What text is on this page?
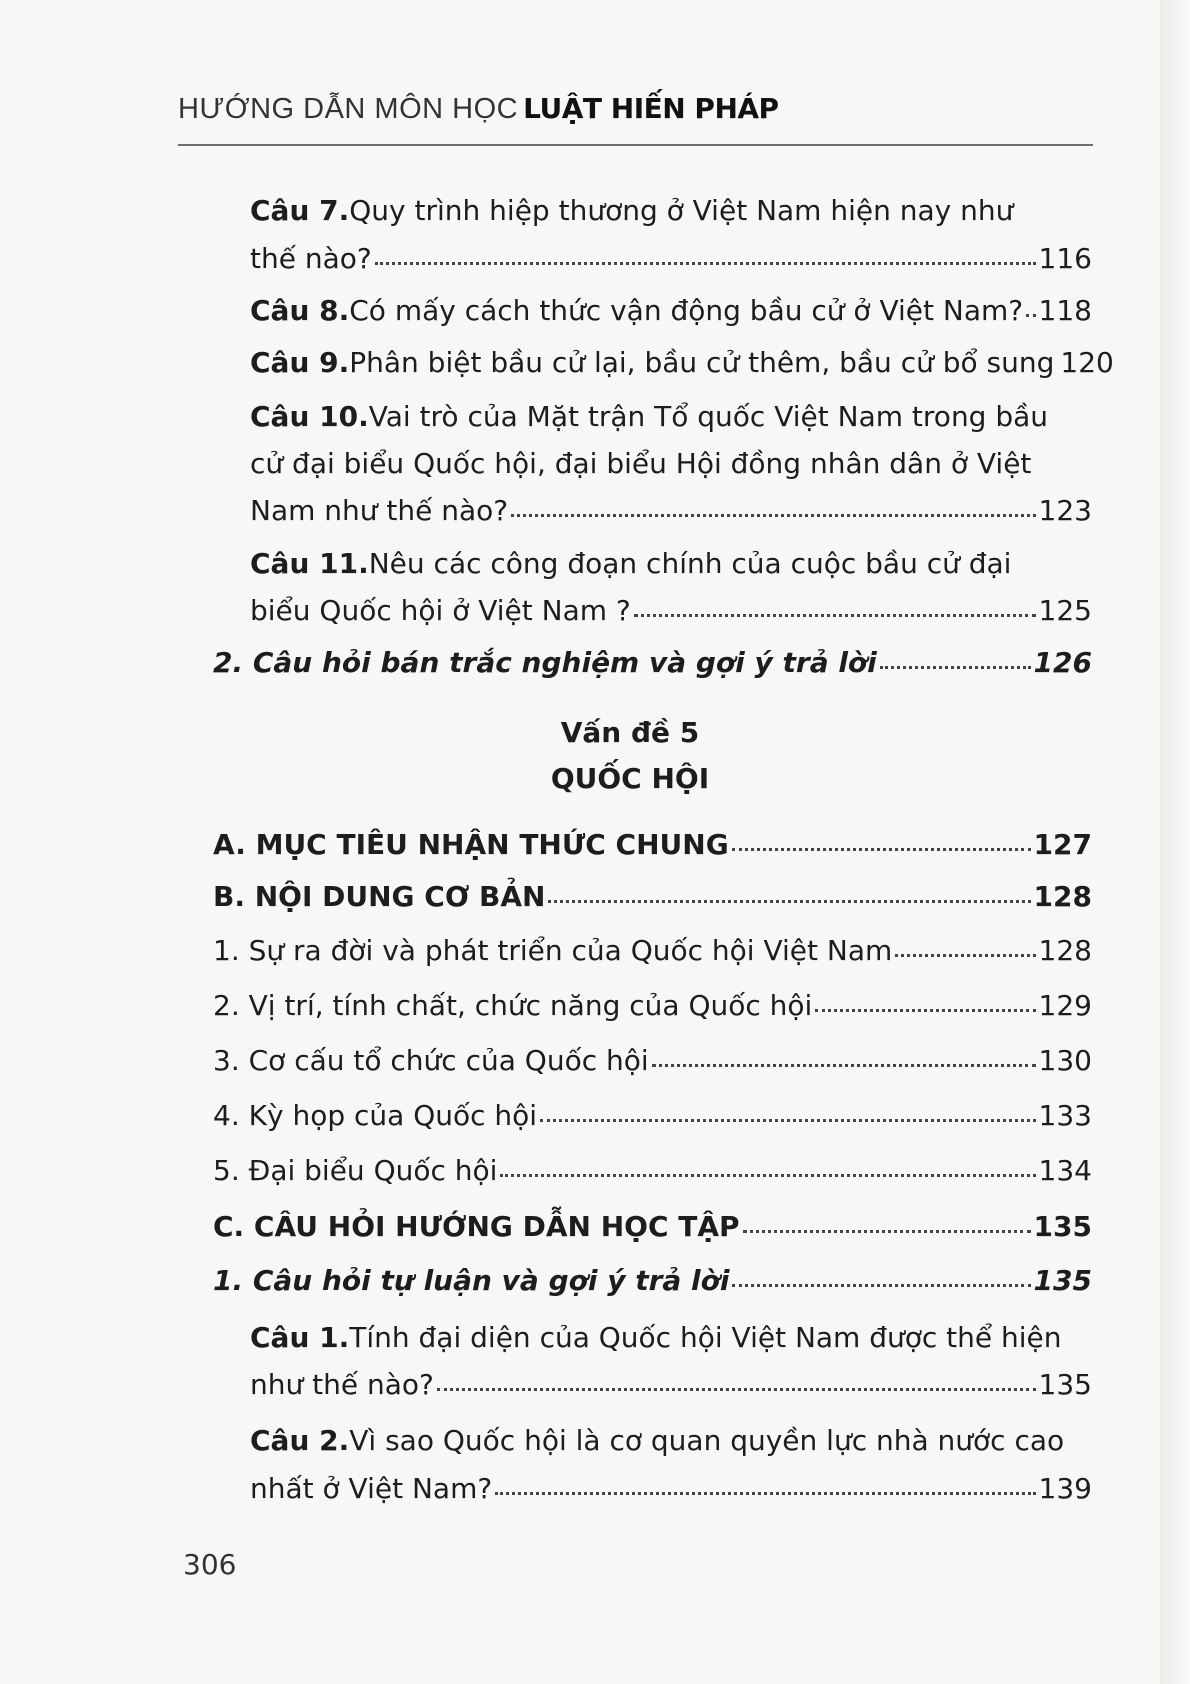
HƯỚNG DẪN MÔN HỌC LUẬT HIẾN PHÁP
Câu 7. Quy trình hiệp thương ở Việt Nam hiện nay như
thế nào?	116
Câu 8. Có mấy cách thức vận động bầu cử ở Việt Nam? 118
Câu 9. Phân biệt bầu cử lại, bầu cử thêm, bầu cử bổ sung 120
Câu 10. Vai trò của Mặt trận Tổ quốc Việt Nam trong bầu
cử đại biểu Quốc hội, đại biểu Hội đồng nhân dân ở Việt
Nam như thế nào?	123
Câu 11. Nêu các công đoạn chính của cuộc bầu cử đại
biểu Quốc hội ở Việt Nam ?	125
2. Câu hỏi bán trắc nghiệm và gợi ý trả lời	126
Vấn đề 5
QUỐC HỘI
A. MỤC TIÊU NHẬN THỨC CHUNG	127
B. NỘI DUNG CƠ BẢN	128
1. Sự ra đời và phát triển của Quốc hội Việt Nam	128
2. Vị trí, tính chất, chức năng của Quốc hội	129
3. Cơ cấu tổ chức của Quốc hội	130
4. Kỳ họp của Quốc hội	133
5. Đại biểu Quốc hội	134
C. CÂU HỎI HƯỚNG DẪN HỌC TẬP	135
1. Câu hỏi tự luận và gợi ý trả lời	135
Câu 1. Tính đại diện của Quốc hội Việt Nam được thể hiện
như thế nào?	135
Câu 2. Vì sao Quốc hội là cơ quan quyền lực nhà nước cao
nhất ở Việt Nam?	139
306
